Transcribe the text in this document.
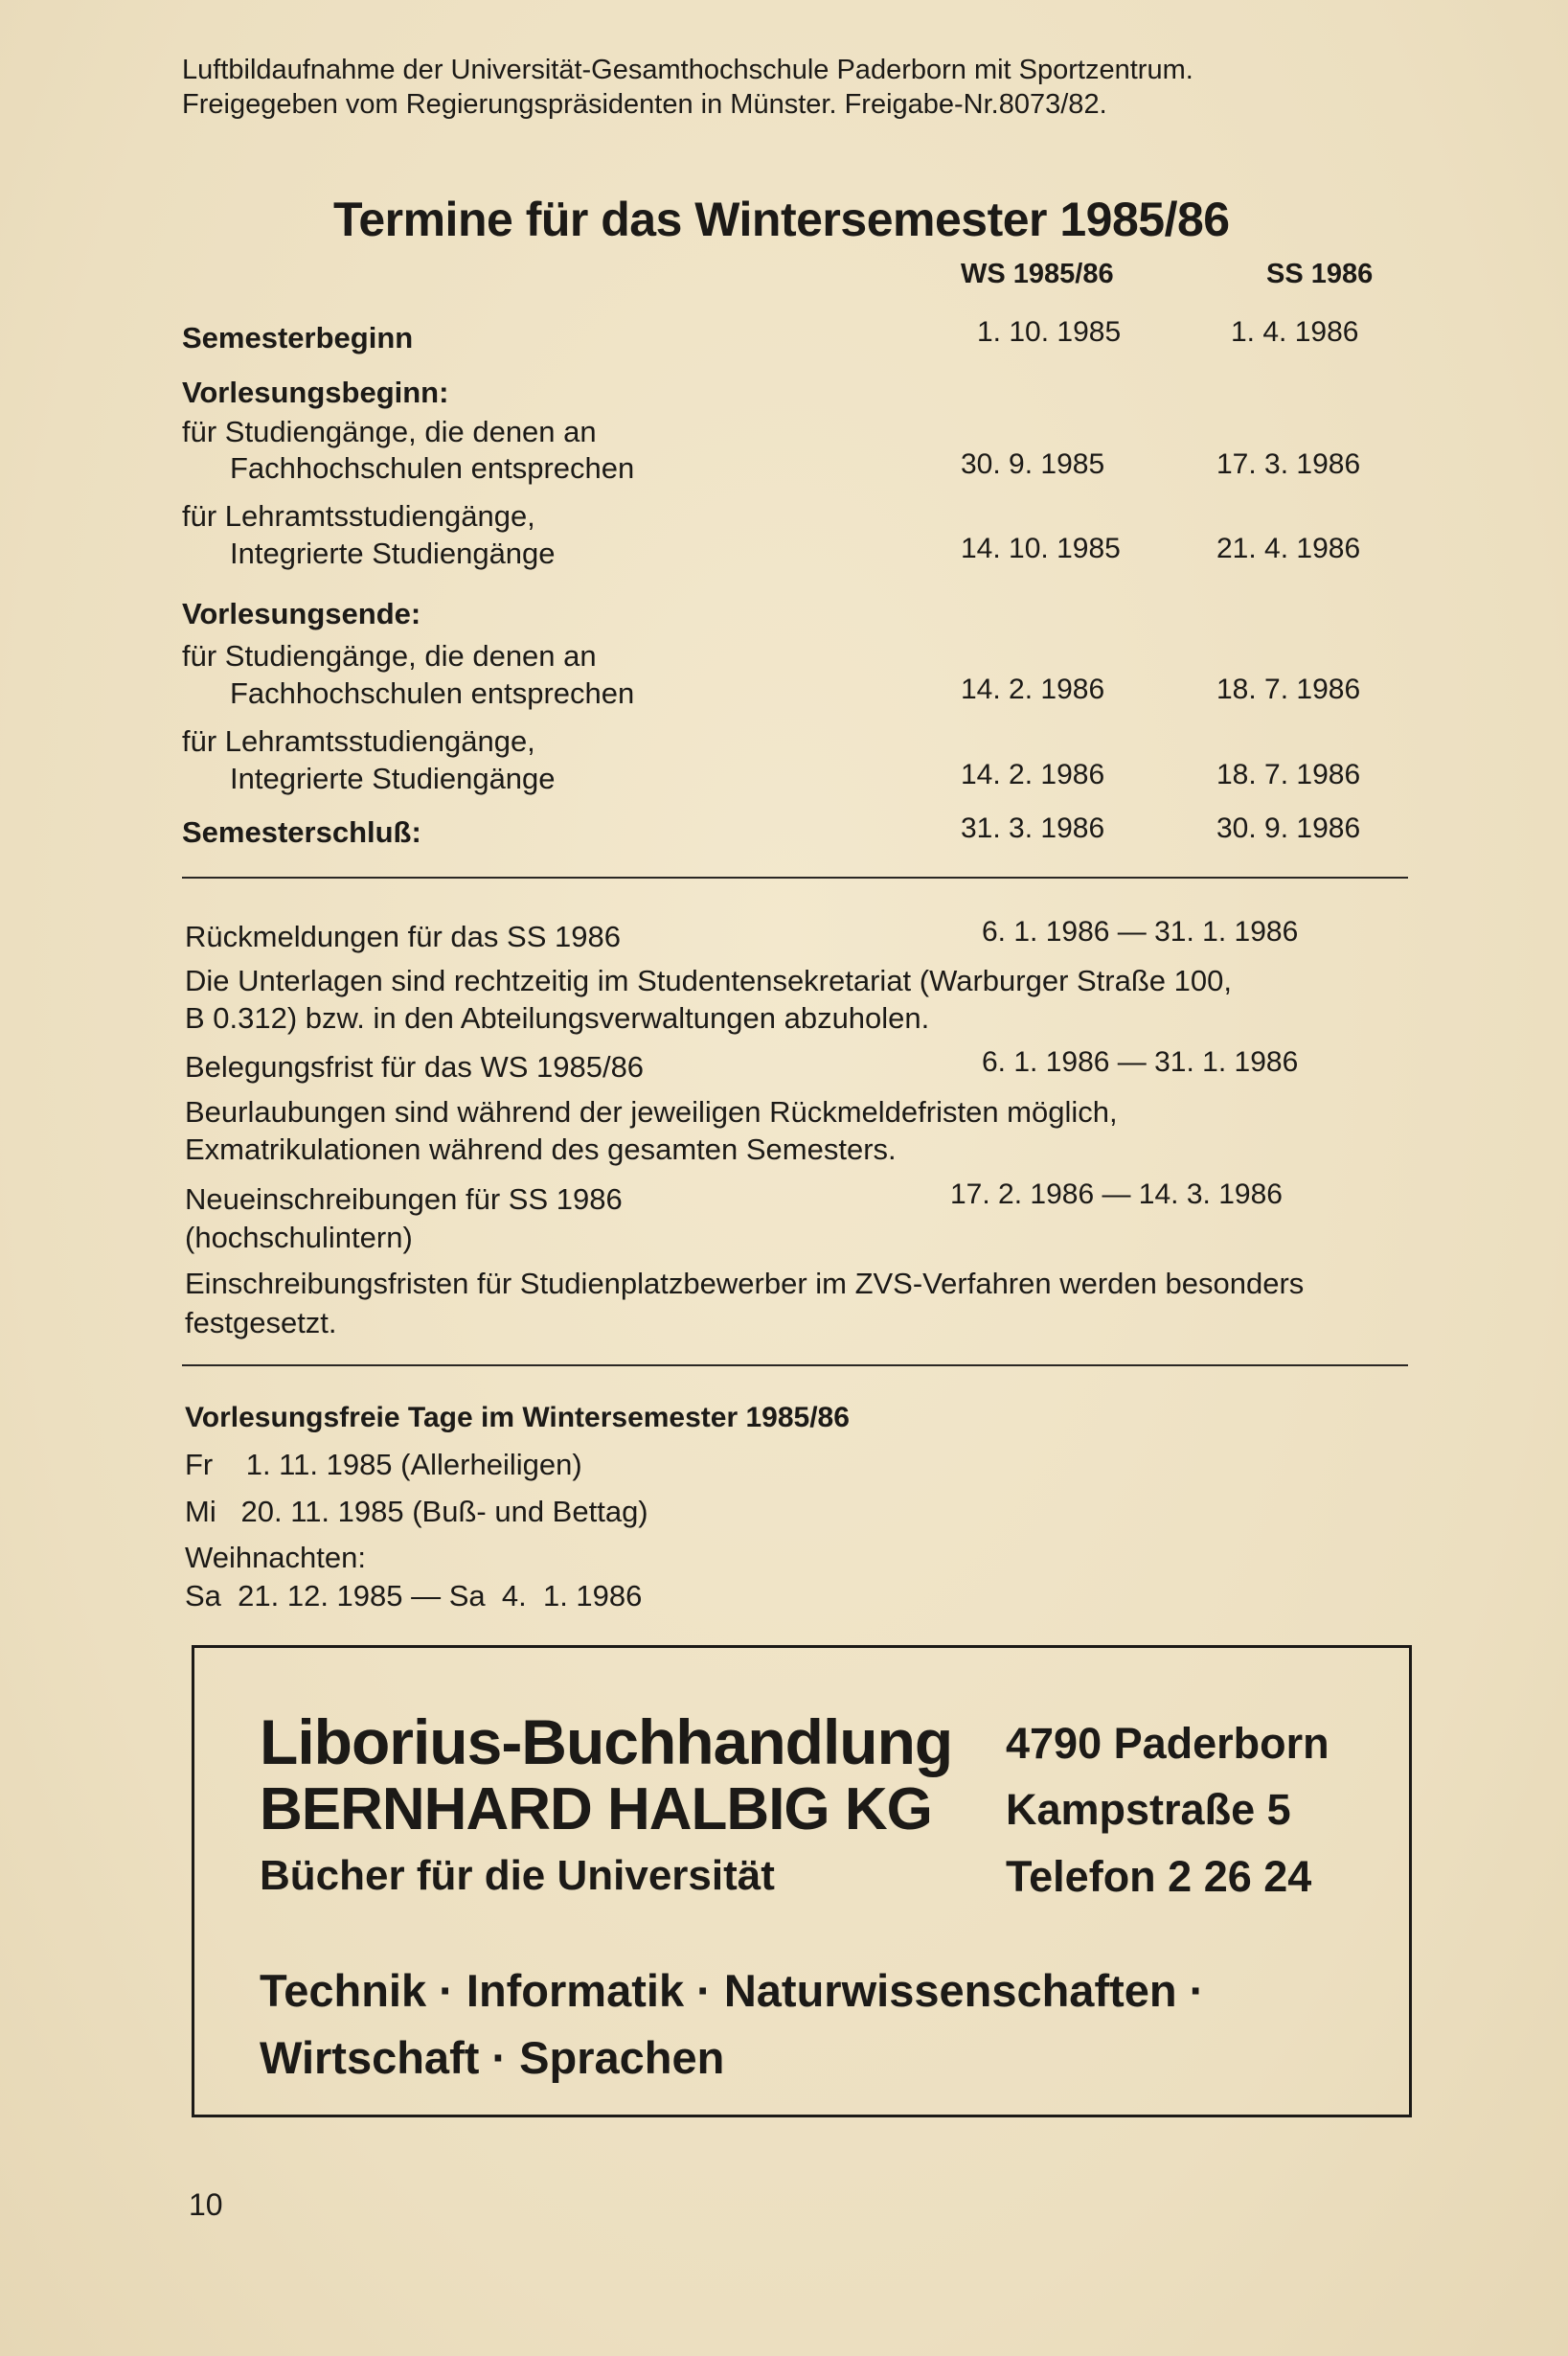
Luftbildaufnahme der Universität-Gesamthochschule Paderborn mit Sportzentrum.
Freigegeben vom Regierungspräsidenten in Münster. Freigabe-Nr.8073/82.
Termine für das Wintersemester 1985/86
WS 1985/86	SS 1986
Semesterbeginn	1. 10. 1985	1. 4. 1986
Vorlesungsbeginn:
für Studiengänge, die denen an
Fachhochschulen entsprechen	30. 9. 1985	17. 3. 1986
für Lehramtsstudiengänge,
Integrierte Studiengänge	14. 10. 1985	21. 4. 1986
Vorlesungsende:
für Studiengänge, die denen an
Fachhochschulen entsprechen	14. 2. 1986	18. 7. 1986
für Lehramtsstudiengänge,
Integrierte Studiengänge	14. 2. 1986	18. 7. 1986
Semesterschluß:	31. 3. 1986	30. 9. 1986
Rückmeldungen für das SS 1986	6. 1. 1986 — 31. 1. 1986
Die Unterlagen sind rechtzeitig im Studentensekretariat (Warburger Straße 100,
B 0.312) bzw. in den Abteilungsverwaltungen abzuholen.
Belegungsfrist für das WS 1985/86	6. 1. 1986 — 31. 1. 1986
Beurlaubungen sind während der jeweiligen Rückmeldefristen möglich,
Exmatrikulationen während des gesamten Semesters.
Neueinschreibungen für SS 1986	17. 2. 1986 — 14. 3. 1986
(hochschulintern)
Einschreibungsfristen für Studienplatzbewerber im ZVS-Verfahren werden besonders
festgesetzt.
Vorlesungsfreie Tage im Wintersemester 1985/86
Fr    1. 11. 1985 (Allerheiligen)
Mi   20. 11. 1985 (Buß- und Bettag)
Weihnachten:
Sa  21. 12. 1985 — Sa  4.  1. 1986
Liborius-Buchhandlung
BERNHARD HALBIG KG
Bücher für die Universität
4790 Paderborn
Kampstraße 5
Telefon 2 26 24
Technik · Informatik · Naturwissenschaften ·
Wirtschaft · Sprachen
10
